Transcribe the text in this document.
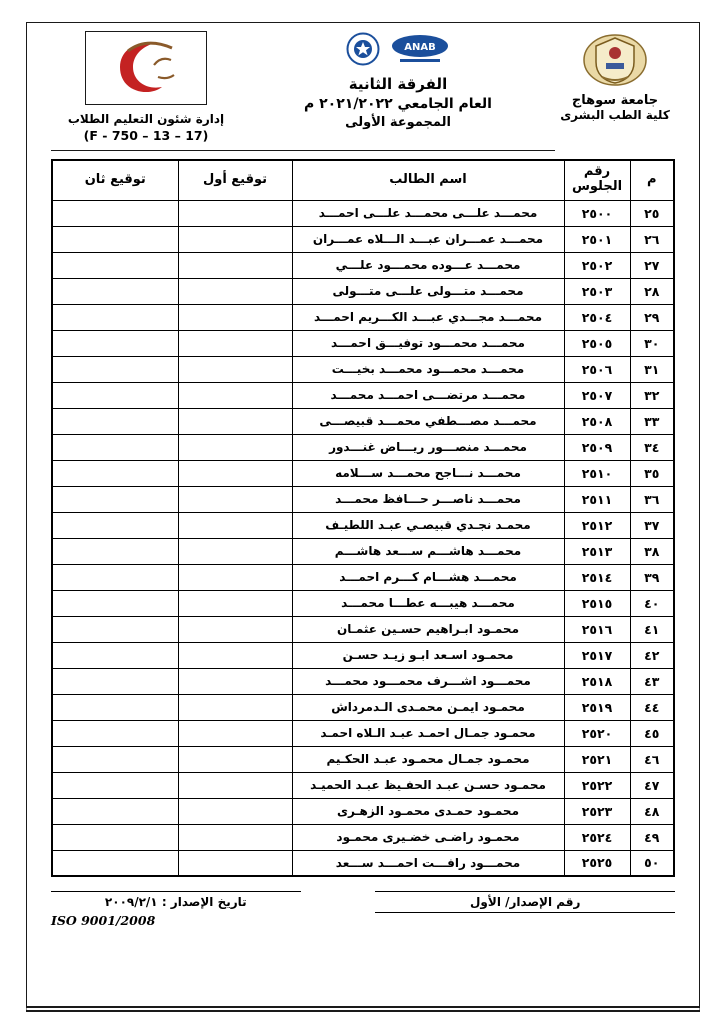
جامعة سوهاج
كلية الطب البشرى
ANAB
الفرقة الثانية
العام الجامعي ٢٠٢١/٢٠٢٢ م
المجموعة الأولى
إدارة شئون التعليم الطلاب
(F - 750 – 13 – 17)
م	رقم الجلوس	اسم الطالب	توقيع أول	توقيع ثان
٢٥	٢٥٠٠	محمـــد علـــى محمـــد علـــى احمـــد		
٢٦	٢٥٠١	محمـــد عمـــران عبـــد الـــلاه عمـــران		
٢٧	٢٥٠٢	محمـــد عـــوده محمـــود علـــي		
٢٨	٢٥٠٣	محمـــد متـــولى علـــى متـــولى		
٢٩	٢٥٠٤	محمـــد مجـــدي عبـــد الكـــريم احمـــد		
٣٠	٢٥٠٥	محمـــد محمـــود توفيـــق احمـــد		
٣١	٢٥٠٦	محمـــد محمـــود محمـــد بخيـــت		
٣٢	٢٥٠٧	محمـــد مرتضـــى احمـــد محمـــد		
٣٣	٢٥٠٨	محمـــد مصـــطفي محمـــد قبيصـــى		
٣٤	٢٥٠٩	محمـــد منصـــور ريـــاض غنـــدور		
٣٥	٢٥١٠	محمـــد نـــاجح محمـــد ســـلامه		
٣٦	٢٥١١	محمـــد ناصـــر حـــافظ محمـــد		
٣٧	٢٥١٢	محمـد نجـدي قبيصـي عبـد اللطيـف		
٣٨	٢٥١٣	محمـــد هاشـــم ســـعد هاشـــم		
٣٩	٢٥١٤	محمـــد هشـــام كـــرم احمـــد		
٤٠	٢٥١٥	محمـــد هيبـــه عطـــا محمـــد		
٤١	٢٥١٦	محمـود ابـراهيم حسـين عثمـان		
٤٢	٢٥١٧	محمـود اسـعد ابـو زيـد حسـن		
٤٣	٢٥١٨	محمـــود اشـــرف محمـــود محمـــد		
٤٤	٢٥١٩	محمـود ايمـن محمـدى الـدمرداش		
٤٥	٢٥٢٠	محمـود جمـال احمـد عبـد الـلاه احمـد		
٤٦	٢٥٢١	محمـود جمـال محمـود عبـد الحكـيم		
٤٧	٢٥٢٢	محمـود حسـن عبـد الحفـيظ عبـد الحميـد		
٤٨	٢٥٢٣	محمـود حمـدى محمـود الزهـرى		
٤٩	٢٥٢٤	محمـود راضـى خضـيرى محمـود		
٥٠	٢٥٢٥	محمـــود رافـــت احمـــد ســـعد		
رقم الإصدار/ الأول
تاريخ الإصدار : ٢٠٠٩/٢/١
ISO 9001/2008
